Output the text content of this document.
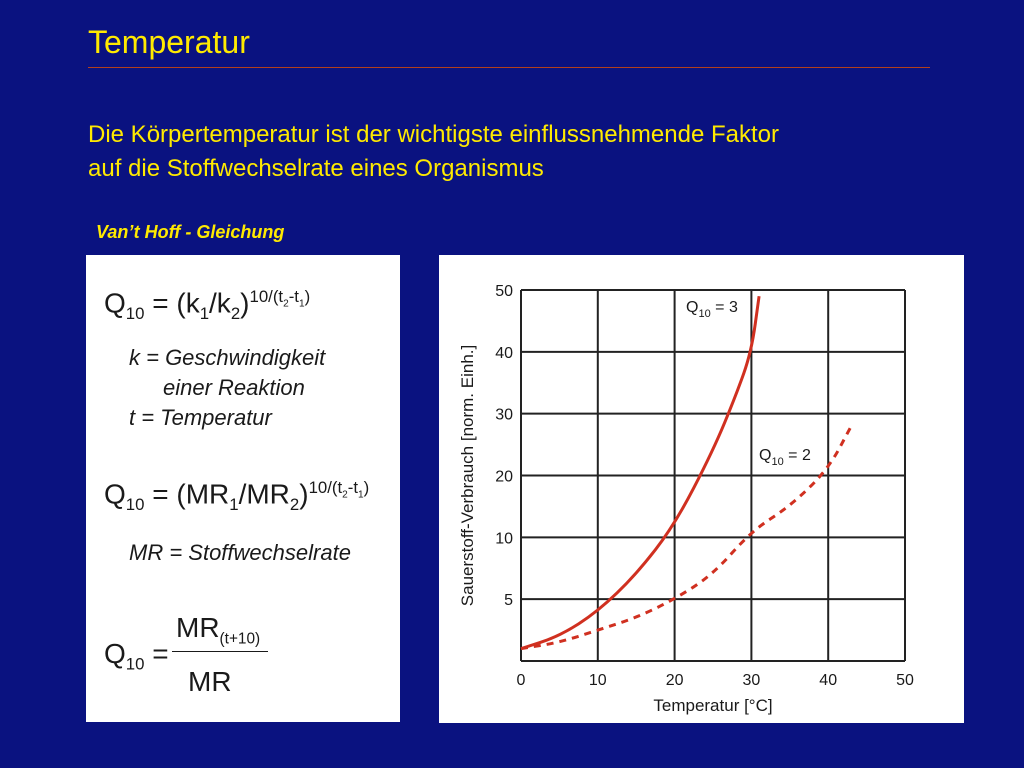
Temperatur
Die Körpertemperatur ist der wichtigste einflussnehmende Faktor
auf die Stoffwechselrate eines Organismus
Van’t Hoff - Gleichung
$Q_{10} = (k_1/k_2)^{10/(t_2-t_1)}$
k = Geschwindigkeit
einer Reaktion
t = Temperatur
$Q_{10} = (MR_1/MR_2)^{10/(t_2-t_1)}$
MR = Stoffwechselrate
$Q_{10}$ =
$MR_{(t+10)}$
MR	0	10	20	30	40	50
5
10
20
30
40
50
Temperatur [°C]
Sauerstoff-Verbrauch [norm. Einh.]
$Q_{10} = 3$
$Q_{10} = 2$
